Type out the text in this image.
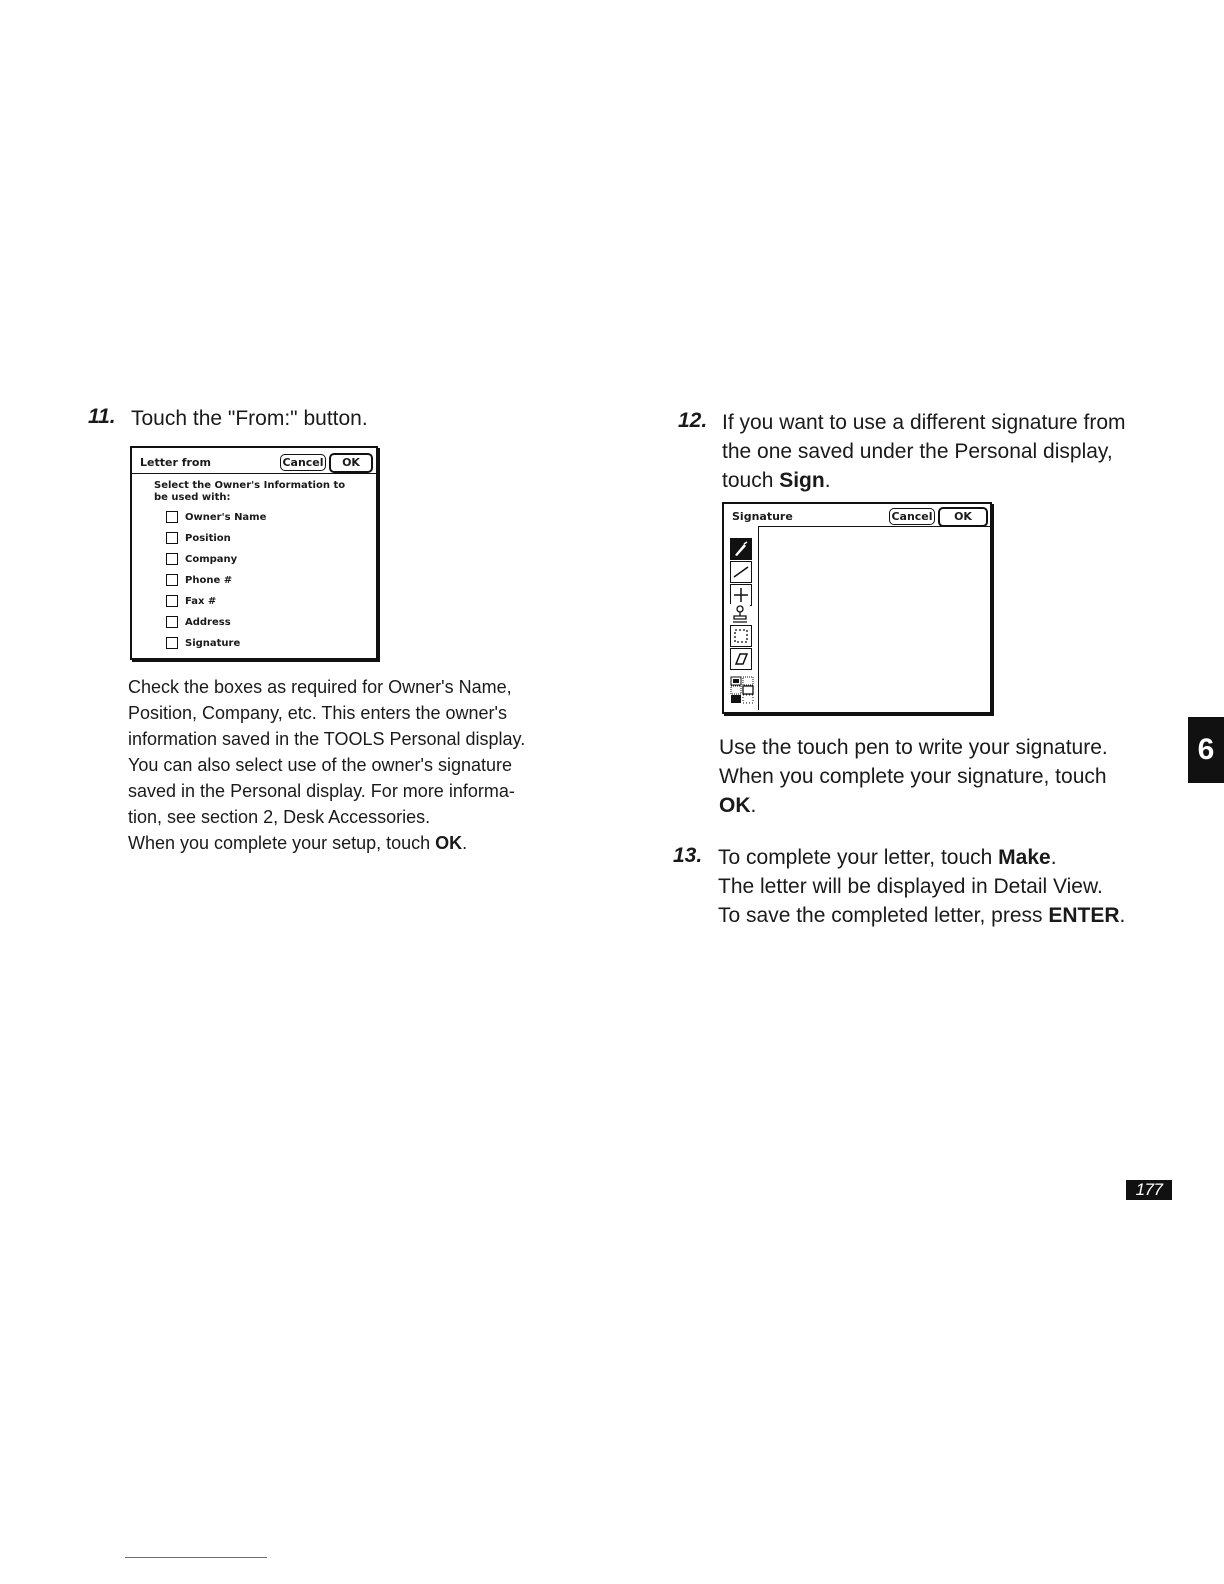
11. Touch the "From:" button.
Letter from	Cancel	OK
Select the Owner's Information to
be used with:
Owner's Name
Position
Company
Phone #
Fax #
Address
Signature
Check the boxes as required for Owner's Name,
Position, Company, etc. This enters the owner's
information saved in the TOOLS Personal display.
You can also select use of the owner's signature
saved in the Personal display. For more informa-
tion, see section 2, Desk Accessories.
When you complete your setup, touch OK.
12. If you want to use a different signature from
the one saved under the Personal display,
touch Sign.
Signature	Cancel	OK
Use the touch pen to write your signature.
When you complete your signature, touch
OK.
13. To complete your letter, touch Make.
The letter will be displayed in Detail View.
To save the completed letter, press ENTER.
6
177
